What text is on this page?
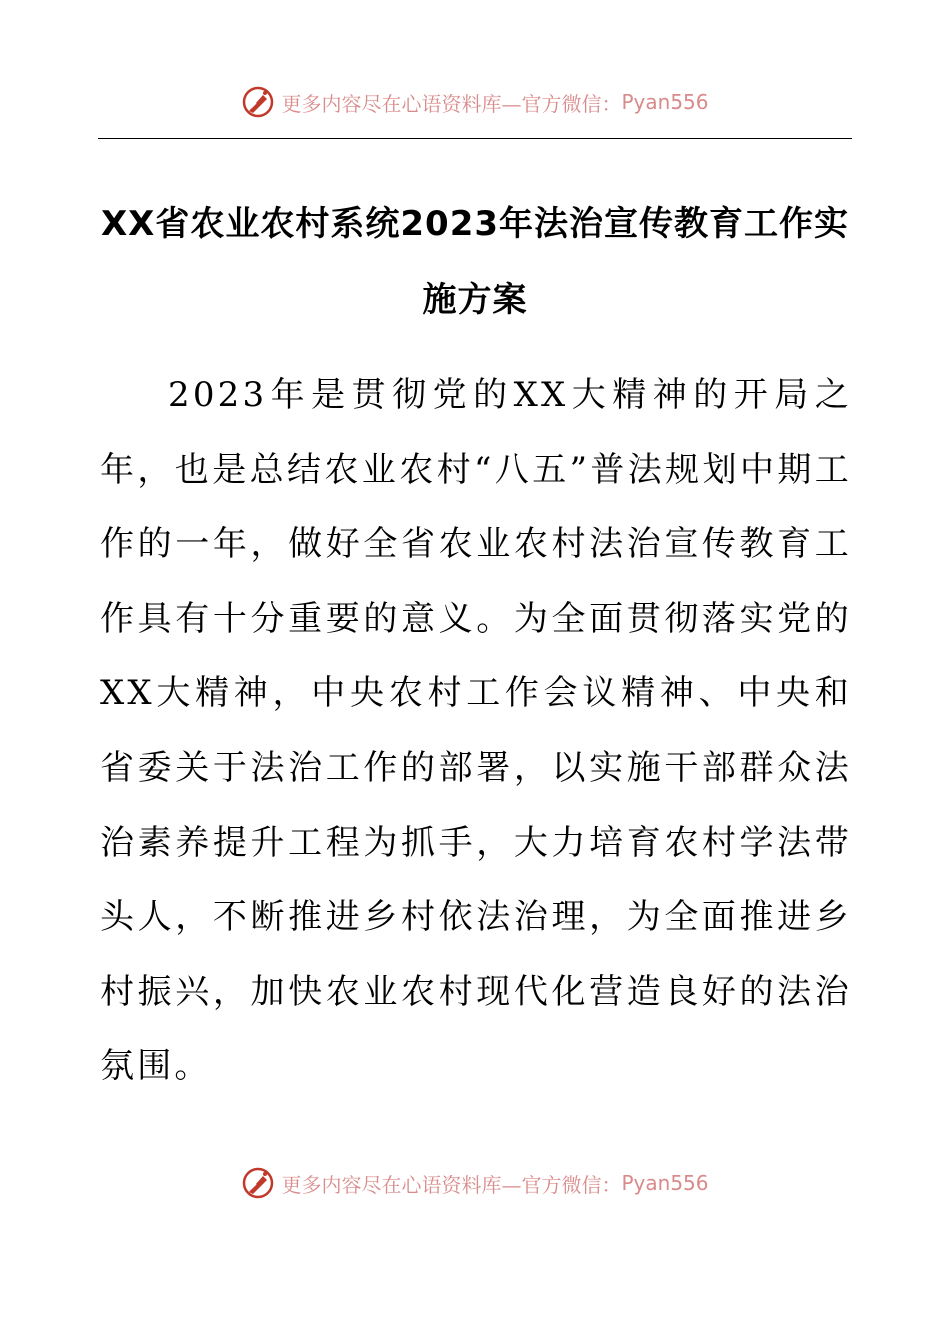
更多内容尽在心语资料库—官方微信： Pyan556
XX省农业农村系统2023年法治宣传教育工作实施方案
2023年是贯彻党的XX大精神的开局之年，也是总结农业农村“八五”普法规划中期工作的一年，做好全省农业农村法治宣传教育工作具有十分重要的意义。为全面贯彻落实党的XX大精神，中央农村工作会议精神、中央和省委关于法治工作的部署，以实施干部群众法治素养提升工程为抓手，大力培育农村学法带头人，不断推进乡村依法治理，为全面推进乡村振兴，加快农业农村现代化营造良好的法治氛围。
更多内容尽在心语资料库—官方微信： Pyan556
